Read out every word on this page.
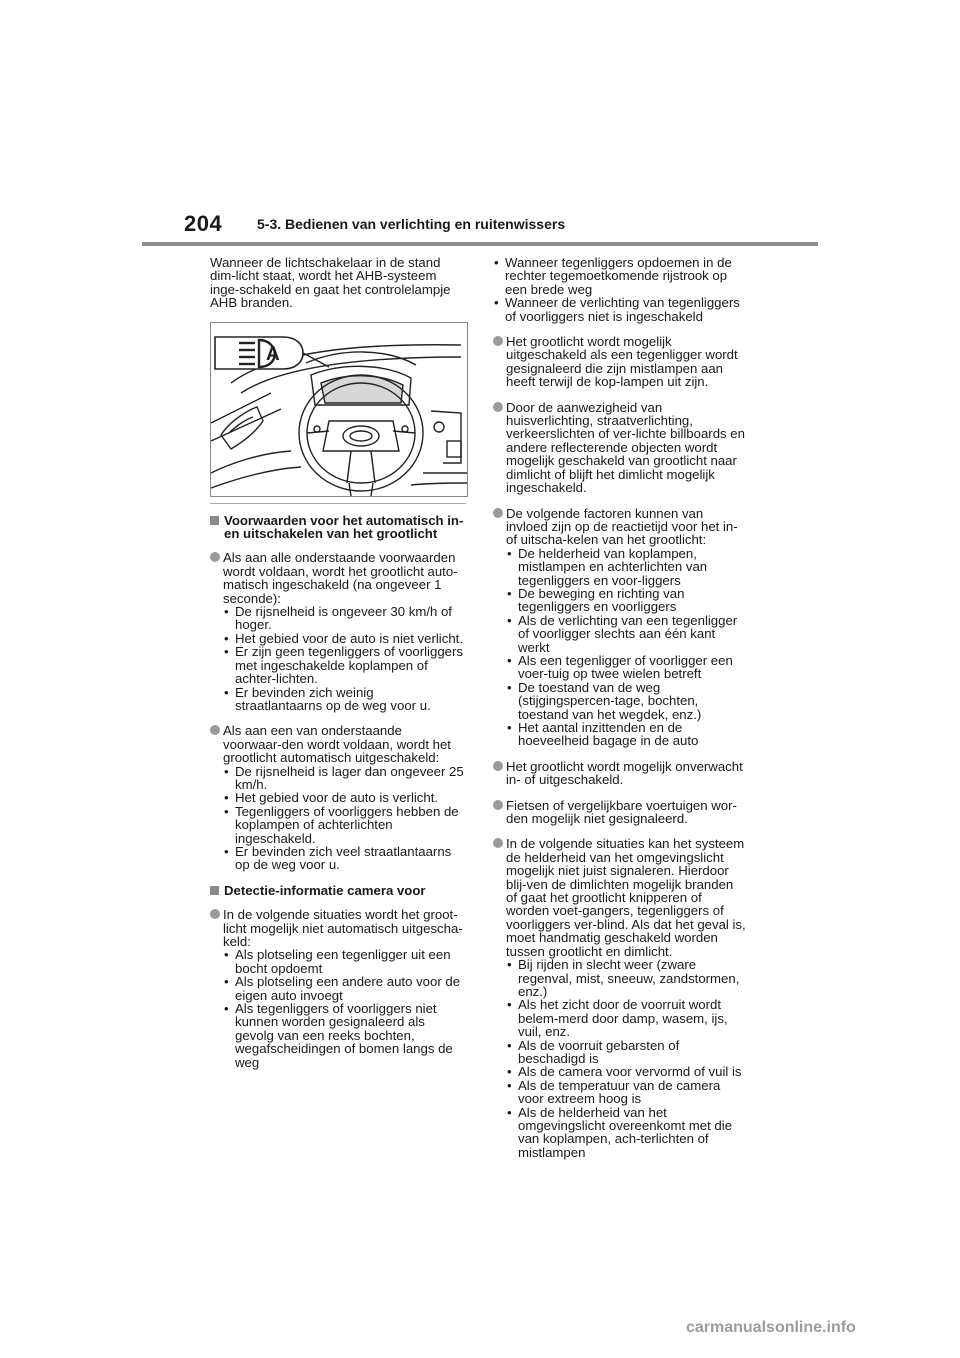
204 5-3. Bedienen van verlichting en ruitenwissers

Wanneer de lichtschakelaar in de stand dim-licht staat, wordt het AHB-systeem inge-schakeld en gaat het controlelampje AHB branden.

A
Voorwaarden voor het automatisch in- en uitschakelen van het grootlicht

Als aan alle onderstaande voorwaarden wordt voldaan, wordt het grootlicht auto-matisch ingeschakeld (na ongeveer 1 seconde):

• De rijsnelheid is ongeveer 30 km/h of hoger.
• Het gebied voor de auto is niet verlicht.
• Er zijn geen tegenliggers of voorliggers met ingeschakelde koplampen of achter-lichten.
• Er bevinden zich weinig straatlantaarns op de weg voor u.

Als aan een van onderstaande voorwaar-den wordt voldaan, wordt het grootlicht automatisch uitgeschakeld:

• De rijsnelheid is lager dan ongeveer 25 km/h.
• Het gebied voor de auto is verlicht.
• Tegenliggers of voorliggers hebben de koplampen of achterlichten ingeschakeld.
• Er bevinden zich veel straatlantaarns op de weg voor u.
Detectie-informatie camera voor

In de volgende situaties wordt het groot-licht mogelijk niet automatisch uitgescha-keld:

• Als plotseling een tegenligger uit een bocht opdoemt
• Als plotseling een andere auto voor de eigen auto invoegt
• Als tegenliggers of voorliggers niet kunnen worden gesignaleerd als gevolg van een reeks bochten, wegafscheidingen of bomen langs de weg
• Wanneer tegenliggers opdoemen in de rechter tegemoetkomende rijstrook op een brede weg
• Wanneer de verlichting van tegenliggers of voorliggers niet is ingeschakeld

Het grootlicht wordt mogelijk uitgeschakeld als een tegenligger wordt gesignaleerd die zijn mistlampen aan heeft terwijl de kop-lampen uit zijn.

Door de aanwezigheid van huisverlichting, straatverlichting, verkeerslichten of ver-lichte billboards en andere reflecterende objecten wordt mogelijk geschakeld van grootlicht naar dimlicht of blijft het dimlicht mogelijk ingeschakeld.

De volgende factoren kunnen van invloed zijn op de reactietijd voor het in- of uitscha-kelen van het grootlicht:

• De helderheid van koplampen, mistlampen en achterlichten van tegenliggers en voor-liggers
• De beweging en richting van tegenliggers en voorliggers
• Als de verlichting van een tegenligger of voorligger slechts aan één kant werkt
• Als een tegenligger of voorligger een voer-tuig op twee wielen betreft
• De toestand van de weg (stijgingspercen-tage, bochten, toestand van het wegdek, enz.)
• Het aantal inzittenden en de hoeveelheid bagage in de auto

Het grootlicht wordt mogelijk onverwacht in- of uitgeschakeld.

Fietsen of vergelijkbare voertuigen wor-den mogelijk niet gesignaleerd.

In de volgende situaties kan het systeem de helderheid van het omgevingslicht mogelijk niet juist signaleren. Hierdoor blij-ven de dimlichten mogelijk branden of gaat het grootlicht knipperen of worden voet-gangers, tegenliggers of voorliggers ver-blind. Als dat het geval is, moet handmatig geschakeld worden tussen grootlicht en dimlicht.

• Bij rijden in slecht weer (zware regenval, mist, sneeuw, zandstormen, enz.)
• Als het zicht door de voorruit wordt belem-merd door damp, wasem, ijs, vuil, enz.
• Als de voorruit gebarsten of beschadigd is
• Als de camera voor vervormd of vuil is
• Als de temperatuur van de camera voor extreem hoog is
• Als de helderheid van het omgevingslicht overeenkomt met die van koplampen, ach-terlichten of mistlampen
carmanualsonline.info
